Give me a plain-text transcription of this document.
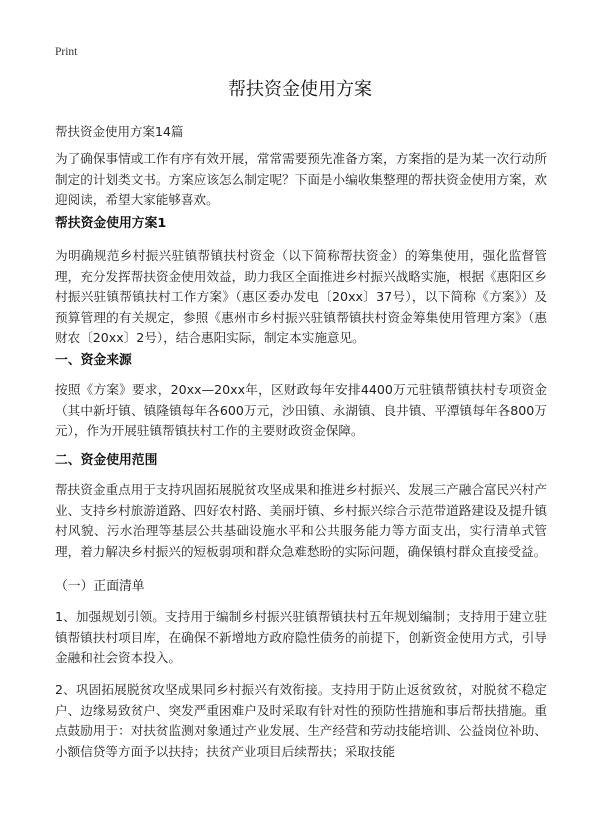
Print
帮扶资金使用方案
帮扶资金使用方案14篇

为了确保事情或工作有序有效开展，常常需要预先准备方案，方案指的是为某一次行动所制定的计划类文书。方案应该怎么制定呢？下面是小编收集整理的帮扶资金使用方案，欢迎阅读，希望大家能够喜欢。

帮扶资金使用方案1

为明确规范乡村振兴驻镇帮镇扶村资金（以下简称帮扶资金）的筹集使用，强化监督管理，充分发挥帮扶资金使用效益，助力我区全面推进乡村振兴战略实施，根据《惠阳区乡村振兴驻镇帮镇扶村工作方案》（惠区委办发电〔20xx〕37号），以下简称《方案》）及预算管理的有关规定，参照《惠州市乡村振兴驻镇帮镇扶村资金筹集使用管理方案》（惠财农〔20xx〕2号），结合惠阳实际，制定本实施意见。

一、资金来源

按照《方案》要求，20xx—20xx年，区财政每年安排4400万元驻镇帮镇扶村专项资金（其中新圩镇、镇隆镇每年各600万元，沙田镇、永湖镇、良井镇、平潭镇每年各800万元），作为开展驻镇帮镇扶村工作的主要财政资金保障。

二、资金使用范围

帮扶资金重点用于支持巩固拓展脱贫攻坚成果和推进乡村振兴、发展三产融合富民兴村产业、支持乡村旅游道路、四好农村路、美丽圩镇、乡村振兴综合示范带道路建设及提升镇村风貌、污水治理等基层公共基础设施水平和公共服务能力等方面支出，实行清单式管理，着力解决乡村振兴的短板弱项和群众急难愁盼的实际问题，确保镇村群众直接受益。

（一）正面清单

1、加强规划引领。支持用于编制乡村振兴驻镇帮镇扶村五年规划编制；支持用于建立驻镇帮镇扶村项目库，在确保不新增地方政府隐性债务的前提下，创新资金使用方式，引导金融和社会资本投入。

2、巩固拓展脱贫攻坚成果同乡村振兴有效衔接。支持用于防止返贫致贫，对脱贫不稳定户、边缘易致贫户、突发严重困难户及时采取有针对性的预防性措施和事后帮扶措施。重点鼓励用于：对扶贫监测对象通过产业发展、生产经营和劳动技能培训、公益岗位补助、小额信贷等方面予以扶持；扶贫产业项目后续帮扶；采取技能
